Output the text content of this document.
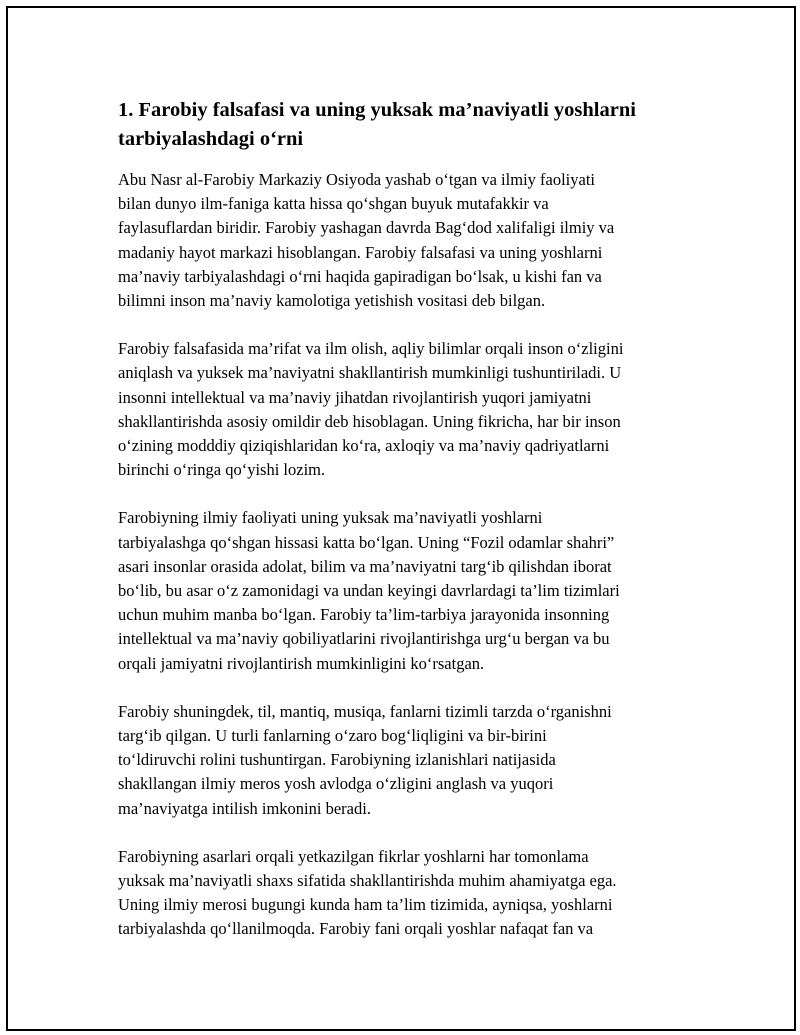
1. Farobiy falsafasi va uning yuksak ma’naviyatli yoshlarni
tarbiyalashdagi o‘rni

Abu Nasr al-Farobiy Markaziy Osiyoda yashab o‘tgan va ilmiy faoliyati
bilan dunyo ilm-faniga katta hissa qo‘shgan buyuk mutafakkir va
faylasuflardan biridir. Farobiy yashagan davrda Bag‘dod xalifaligi ilmiy va
madaniy hayot markazi hisoblangan. Farobiy falsafasi va uning yoshlarni
ma’naviy tarbiyalashdagi o‘rni haqida gapiradigan bo‘lsak, u kishi fan va
bilimni inson ma’naviy kamolotiga yetishish vositasi deb bilgan.

Farobiy falsafasida ma’rifat va ilm olish, aqliy bilimlar orqali inson o‘zligini
aniqlash va yuksek ma’naviyatni shakllantirish mumkinligi tushuntiriladi. U
insonni intellektual va ma’naviy jihatdan rivojlantirish yuqori jamiyatni
shakllantirishda asosiy omildir deb hisoblagan. Uning fikricha, har bir inson
o‘zining modddiy qiziqishlaridan ko‘ra, axloqiy va ma’naviy qadriyatlarni
birinchi o‘ringa qo‘yishi lozim.

Farobiyning ilmiy faoliyati uning yuksak ma’naviyatli yoshlarni
tarbiyalashga qo‘shgan hissasi katta bo‘lgan. Uning “Fozil odamlar shahri”
asari insonlar orasida adolat, bilim va ma’naviyatni targ‘ib qilishdan iborat
bo‘lib, bu asar o‘z zamonidagi va undan keyingi davrlardagi ta’lim tizimlari
uchun muhim manba bo‘lgan. Farobiy ta’lim-tarbiya jarayonida insonning
intellektual va ma’naviy qobiliyatlarini rivojlantirishga urg‘u bergan va bu
orqali jamiyatni rivojlantirish mumkinligini ko‘rsatgan.

Farobiy shuningdek, til, mantiq, musiqa, fanlarni tizimli tarzda o‘rganishni
targ‘ib qilgan. U turli fanlarning o‘zaro bog‘liqligini va bir-birini
to‘ldiruvchi rolini tushuntirgan. Farobiyning izlanishlari natijasida
shakllangan ilmiy meros yosh avlodga o‘zligini anglash va yuqori
ma’naviyatga intilish imkonini beradi.

Farobiyning asarlari orqali yetkazilgan fikrlar yoshlarni har tomonlama
yuksak ma’naviyatli shaxs sifatida shakllantirishda muhim ahamiyatga ega.
Uning ilmiy merosi bugungi kunda ham ta’lim tizimida, ayniqsa, yoshlarni
tarbiyalashda qo‘llanilmoqda. Farobiy fani orqali yoshlar nafaqat fan va
